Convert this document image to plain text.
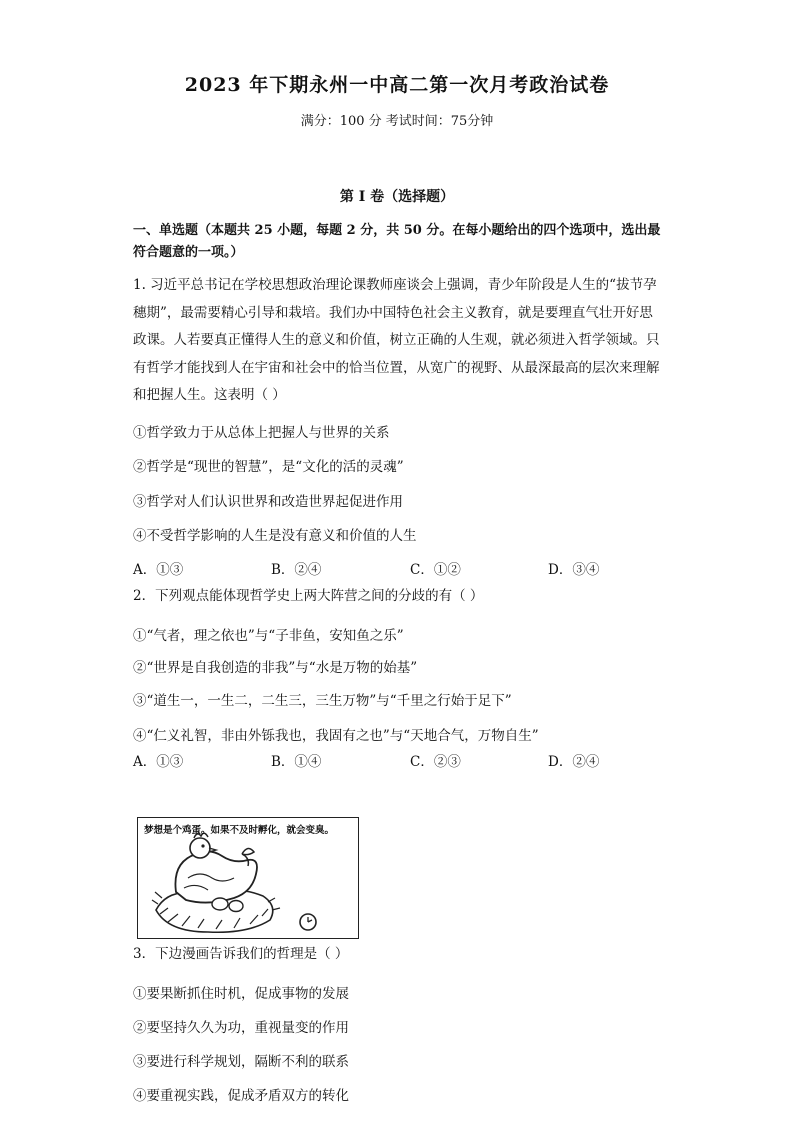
2023 年下期永州一中高二第一次月考政治试卷
满分：100 分 考试时间：75分钟
第 I 卷（选择题）
一、单选题（本题共 25 小题，每题 2 分，共 50 分。在每小题给出的四个选项中，选出最符合题意的一项。）
1. 习近平总书记在学校思想政治理论课教师座谈会上强调，青少年阶段是人生的“拔节孕穗期”，最需要精心引导和栽培。我们办中国特色社会主义教育，就是要理直气壮开好思政课。人若要真正懂得人生的意义和价值，树立正确的人生观，就必须进入哲学领域。只有哲学才能找到人在宇宙和社会中的恰当位置，从宽广的视野、从最深最高的层次来理解和把握人生。这表明（ ）
①哲学致力于从总体上把握人与世界的关系
②哲学是“现世的智慧”，是“文化的活的灵魂”
③哲学对人们认识世界和改造世界起促进作用
④不受哲学影响的人生是没有意义和价值的人生
A．①③	B．②④	C．①②	D．③④
2．下列观点能体现哲学史上两大阵营之间的分歧的有（ ）
①“气者，理之依也”与“子非鱼，安知鱼之乐”
②“世界是自我创造的非我”与“水是万物的始基”
③“道生一，一生二，二生三，三生万物”与“千里之行始于足下”
④“仁义礼智，非由外铄我也，我固有之也”与“天地合气，万物自生”
A．①③	B．①④	C．②③	D．②④
梦想是个鸡蛋。如果不及时孵化，就会变臭。
3．下边漫画告诉我们的哲理是（ ）
①要果断抓住时机，促成事物的发展
②要坚持久久为功，重视量变的作用
③要进行科学规划，隔断不利的联系
④要重视实践，促成矛盾双方的转化
